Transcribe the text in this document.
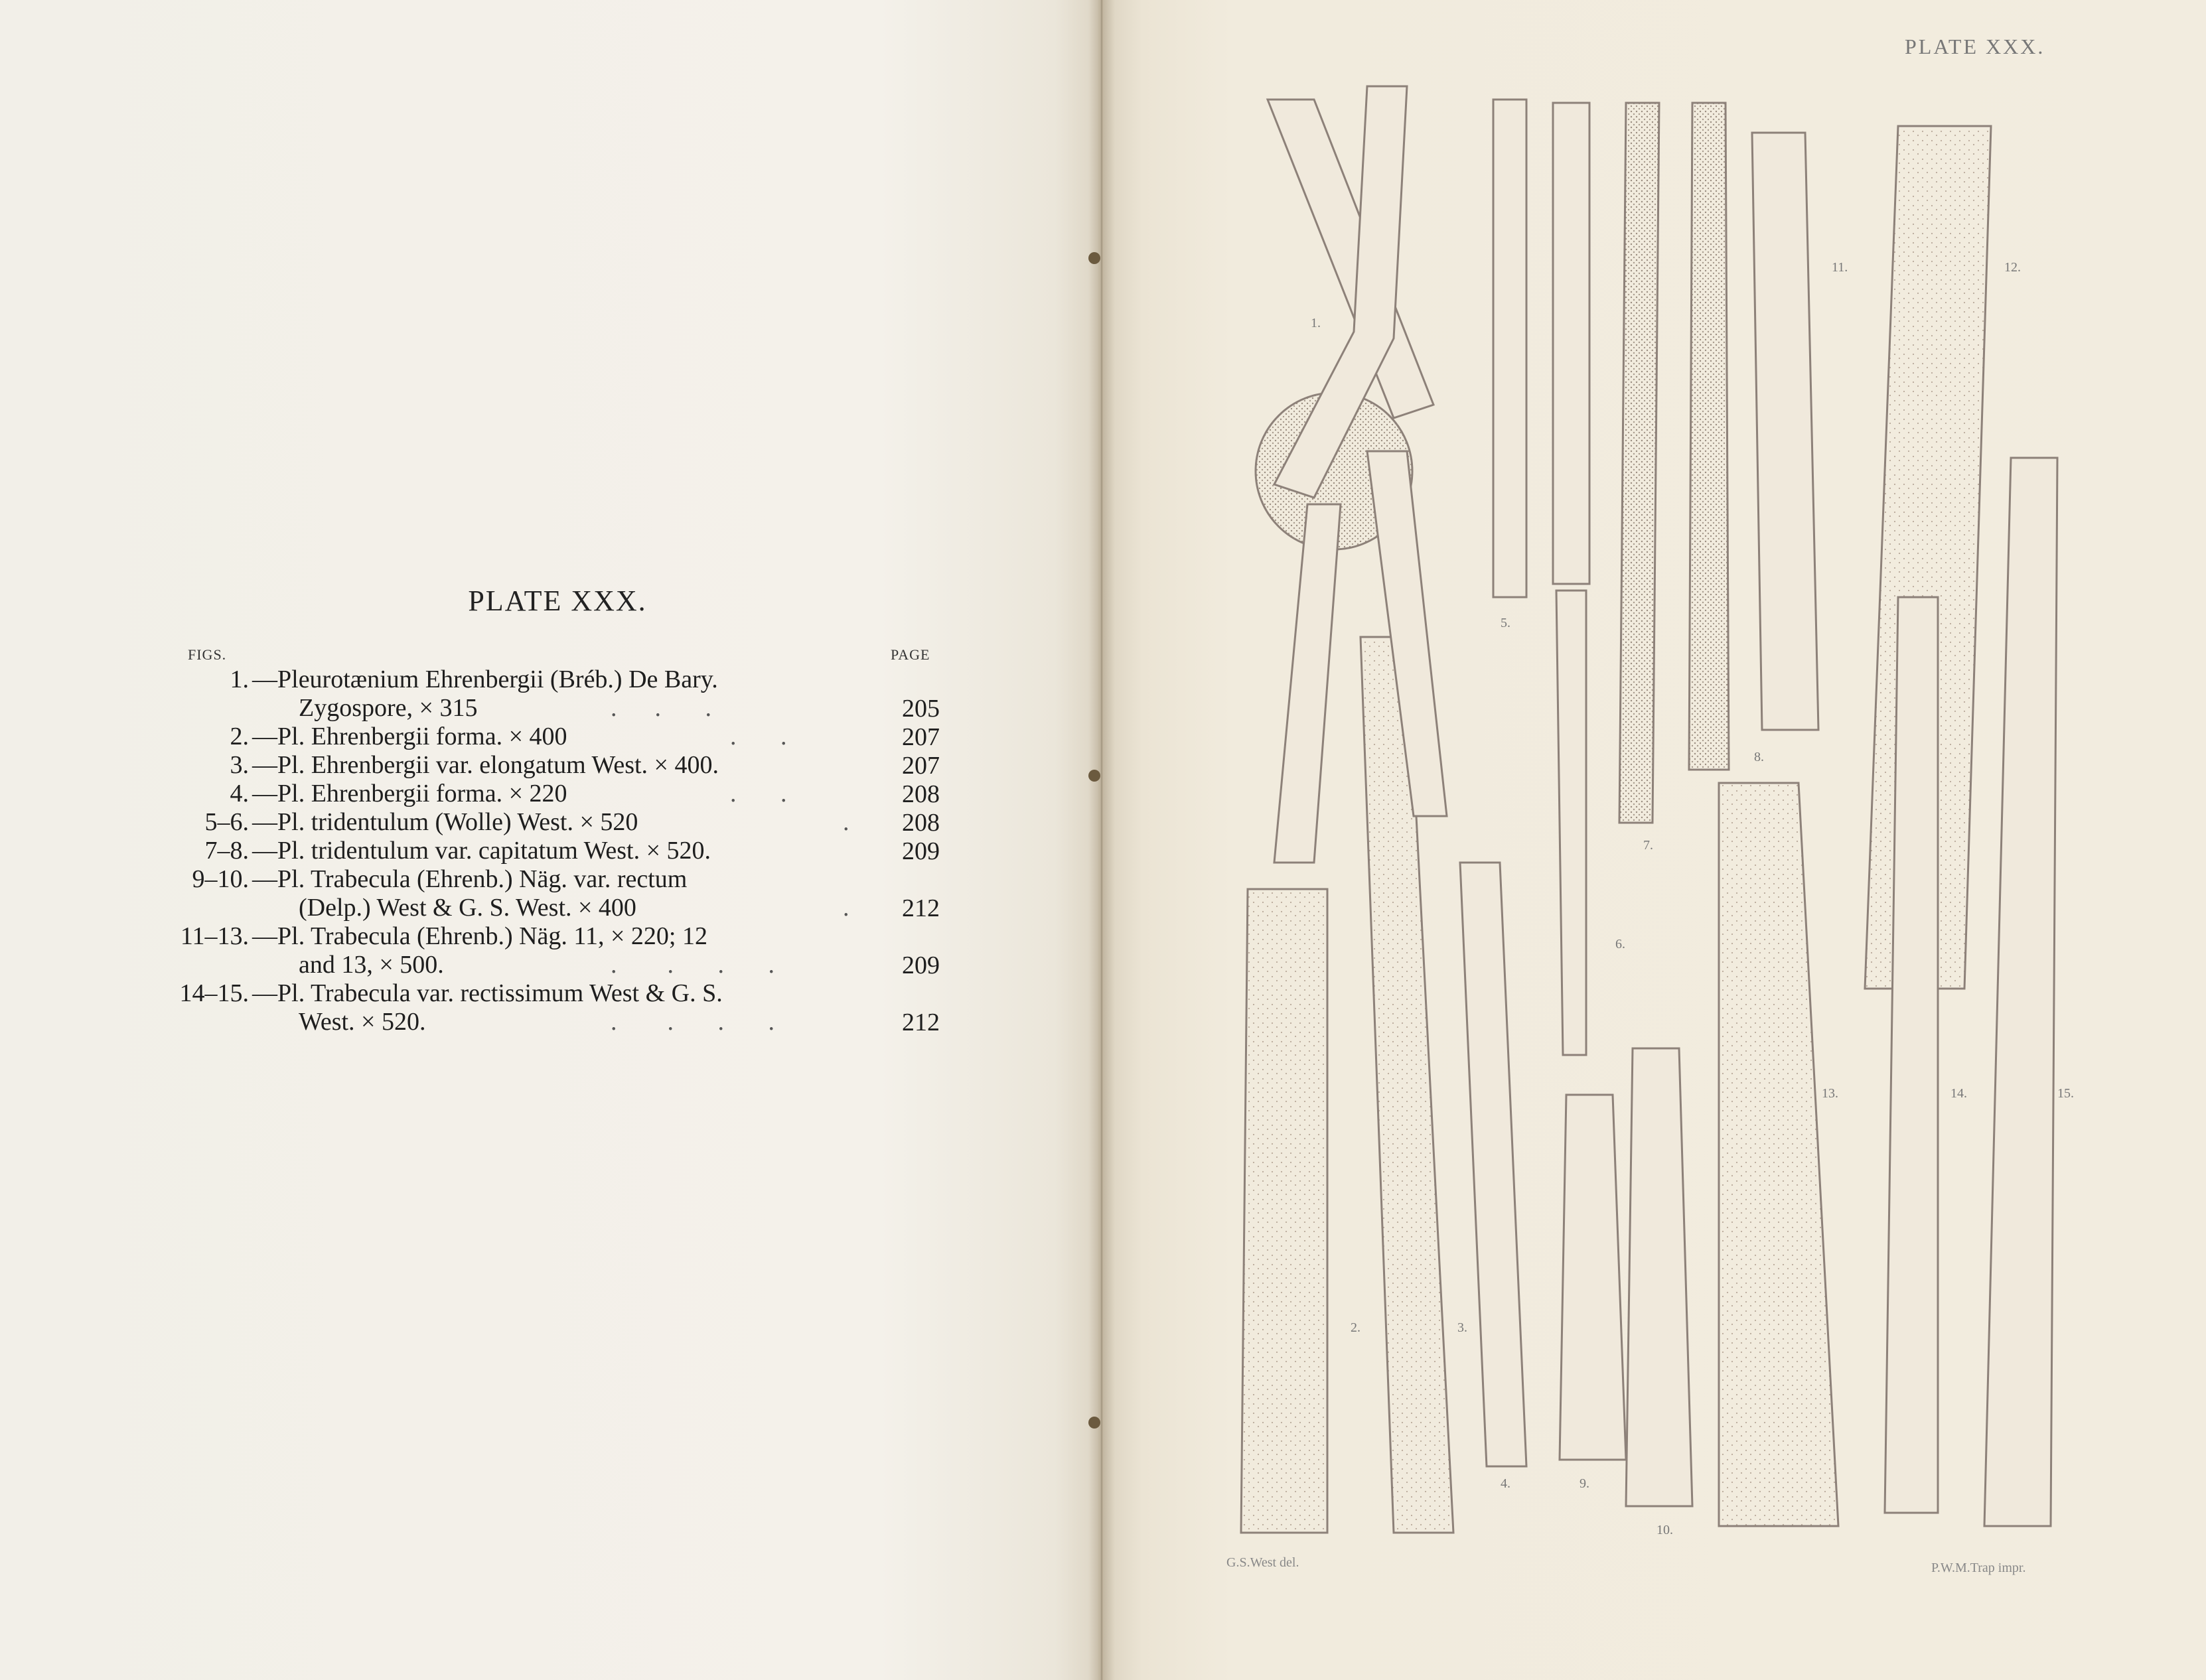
PLATE XXX.
FIGS.	PAGE
1. —Pleurotænium Ehrenbergii (Bréb.) De Bary.
Zygospore, × 315	.      .       .	205
2. —Pl. Ehrenbergii forma. × 400	.       .	207
3. —Pl. Ehrenbergii var. elongatum West. × 400.	207
4. —Pl. Ehrenbergii forma. × 220	.       .	208
5–6. —Pl. tridentulum (Wolle) West. × 520	.	208
7–8. —Pl. tridentulum var. capitatum West. × 520.	209
9–10. —Pl. Trabecula (Ehrenb.) Näg. var. rectum
(Delp.) West & G. S. West. × 400	.	212
11–13. —Pl. Trabecula (Ehrenb.) Näg. 11, × 220; 12
and 13, × 500.	.        .       .       .	209
14–15. —Pl. Trabecula var. rectissimum West & G. S.
West. × 520.	.        .       .       .	212
PLATE XXX.
1.
2.	3.
4.
5.
6.
7.
8.
9.
10.
11.	12.
13.	14.	15.
G.S.West del.	P.W.M.Trap impr.
